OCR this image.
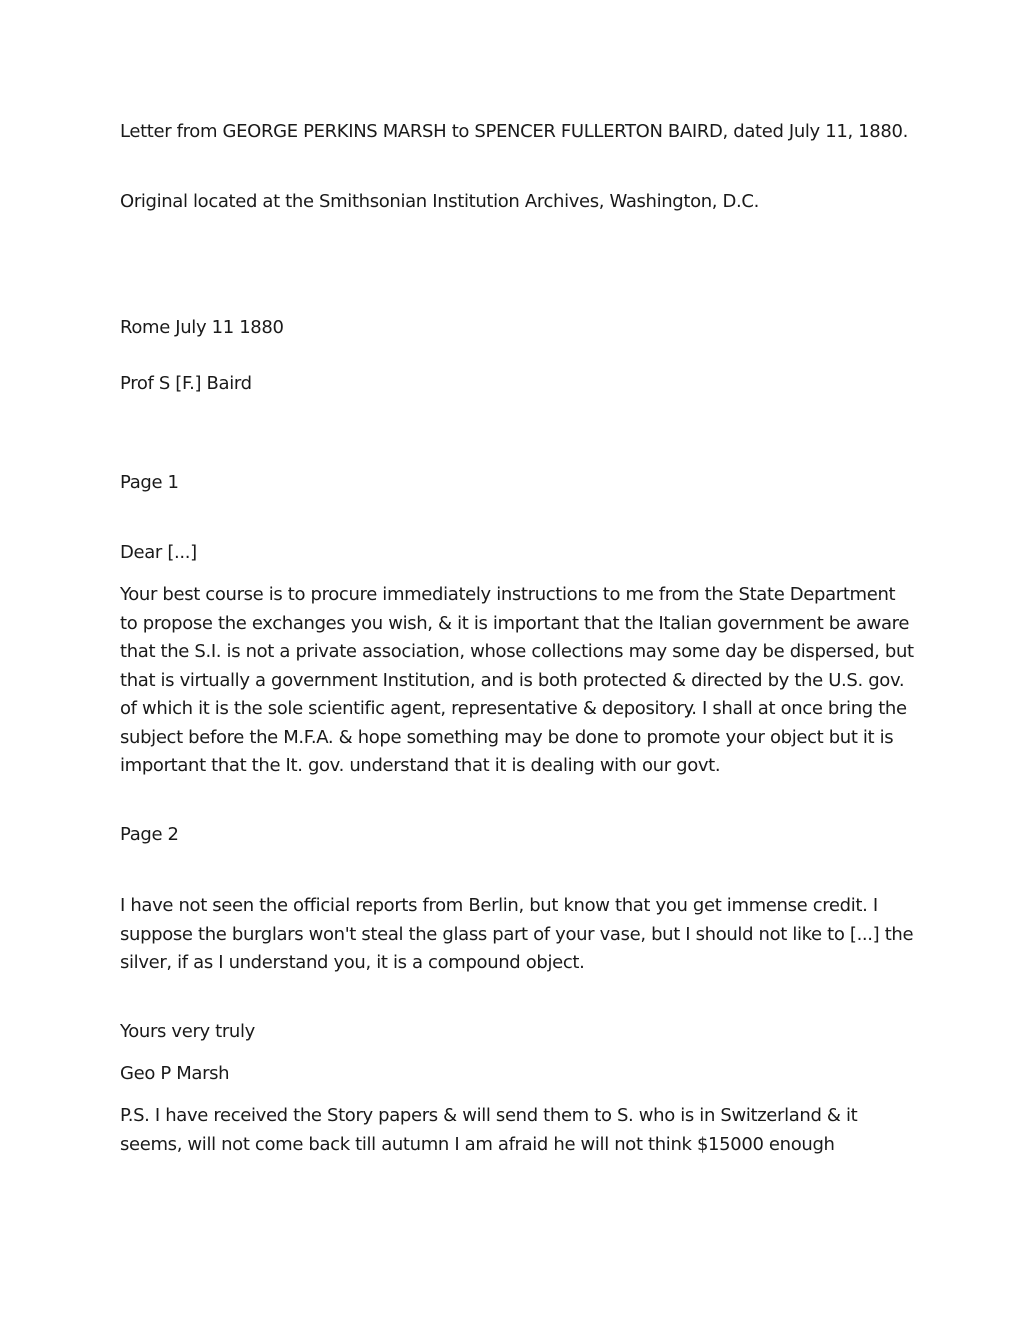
Letter from GEORGE PERKINS MARSH to SPENCER FULLERTON BAIRD, dated July 11, 1880.

Original located at the Smithsonian Institution Archives, Washington, D.C.

Rome July 11 1880

Prof S [F.] Baird

Page 1

Dear [...]

Your best course is to procure immediately instructions to me from the State Department to propose the exchanges you wish, & it is important that the Italian government be aware that the S.I. is not a private association, whose collections may some day be dispersed, but that is virtually a government Institution, and is both protected & directed by the U.S. gov. of which it is the sole scientific agent, representative & depository. I shall at once bring the subject before the M.F.A. & hope something may be done to promote your object but it is important that the It. gov. understand that it is dealing with our govt.

Page 2

I have not seen the official reports from Berlin, but know that you get immense credit. I suppose the burglars won't steal the glass part of your vase, but I should not like to [...] the silver, if as I understand you, it is a compound object.

Yours very truly

Geo P Marsh

P.S. I have received the Story papers & will send them to S. who is in Switzerland & it seems, will not come back till autumn I am afraid he will not think $15000 enough
